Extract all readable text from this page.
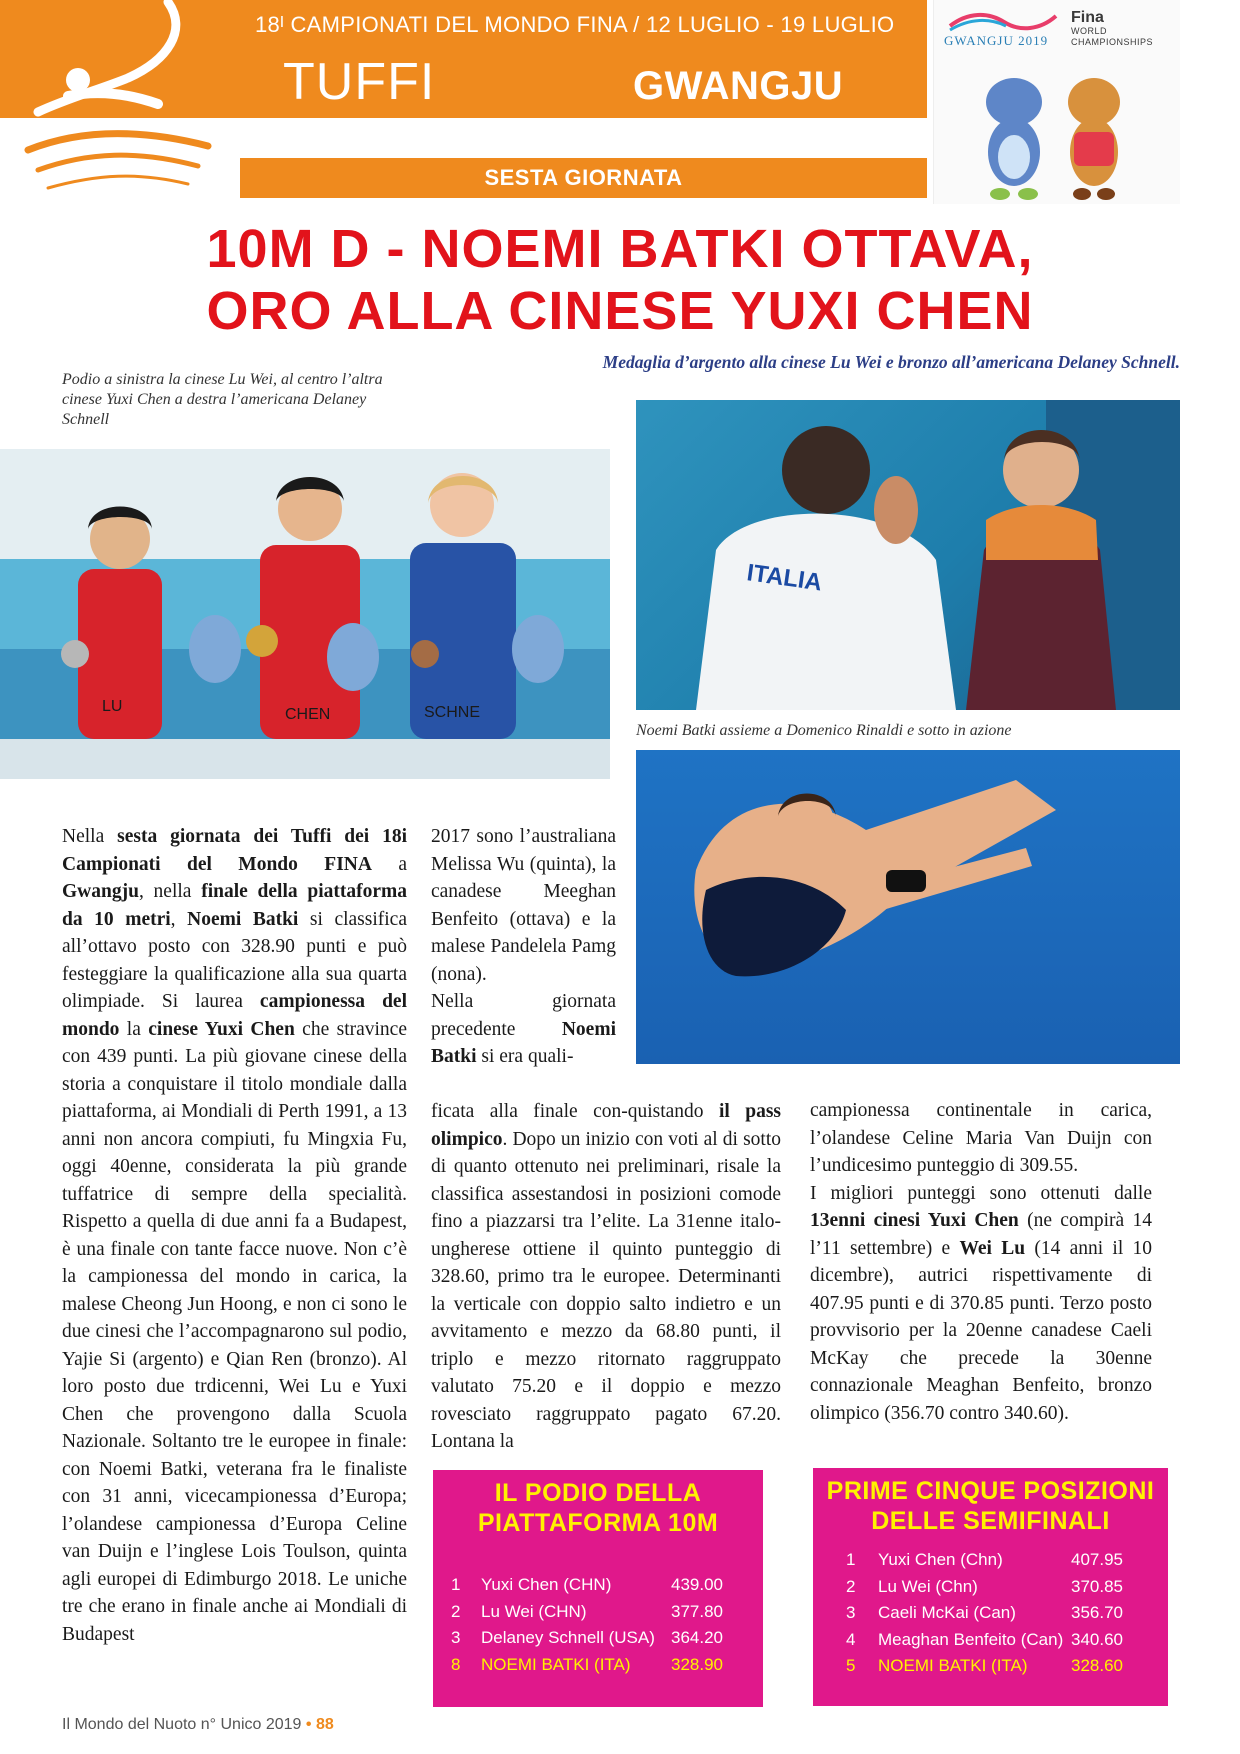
18ᴵ CAMPIONATI DEL MONDO FINA / 12 LUGLIO - 19 LUGLIO
TUFFI	GWANGJU
SESTA GIORNATA
GWANGJU 2019
Fina
WORLD
CHAMPIONSHIPS
10M D - NOEMI BATKI OTTAVA,
ORO ALLA CINESE YUXI CHEN
Podio a sinistra la cinese Lu Wei, al centro l’altra cinese Yuxi Chen a destra l’americana Delaney Schnell
Medaglia d’argento alla cinese Lu Wei e bronzo all’americana Delaney Schnell.
Noemi Batki assieme a Domenico Rinaldi e sotto in azione
LU	CHEN	SCHNE
ITALIA
Nella sesta giornata dei Tuffi dei 18i Campionati del Mondo FINA a Gwangju, nella finale della piattaforma da 10 metri, Noemi Batki si classifica all’ottavo posto con 328.90 punti e può festeggiare la qualificazione alla sua quarta olimpiade. Si laurea campionessa del mondo la cinese Yuxi Chen che stravince con 439 punti. La più giovane cinese della storia a conquistare il titolo mondiale dalla piattaforma, ai Mondiali di Perth 1991, a 13 anni non ancora compiuti, fu Mingxia Fu, oggi 40enne, considerata la più grande tuffatrice di sempre della specialità. Rispetto a quella di due anni fa a Budapest, è una finale con tante facce nuove. Non c’è la campionessa del mondo in carica, la malese Cheong Jun Hoong, e non ci sono le due cinesi che l’accompagnarono sul podio, Yajie Si (argento) e Qian Ren (bronzo). Al loro posto due trdicenni, Wei Lu e Yuxi Chen che provengono dalla Scuola Nazionale. Soltanto tre le europee in finale: con Noemi Batki, veterana fra le finaliste con 31 anni, vicecampionessa d’Europa; l’olandese campionessa d’Europa Celine van Duijn e l’inglese Lois Toulson, quinta agli europei di Edimburgo 2018. Le uniche tre che erano in finale anche ai Mondiali di Budapest
2017 sono l’australiana Melissa Wu (quinta), la canadese Meeghan Benfeito (ottava) e la malese Pandelela Pamg (nona).
Nella giornata precedente Noemi Batki si era quali-
ficata alla finale con-quistando il pass olimpico. Dopo un inizio con voti al di sotto di quanto ottenuto nei preliminari, risale la classifica assestandosi in posizioni comode fino a piazzarsi tra l’elite. La 31enne italo-ungherese ottiene il quinto punteggio di 328.60, primo tra le europee. Determinanti la verticale con doppio salto indietro e un avvitamento e mezzo da 68.80 punti, il triplo e mezzo ritornato raggruppato valutato 75.20 e il doppio e mezzo rovesciato raggruppato pagato 67.20. Lontana la
campionessa continentale in carica, l’olandese Celine Maria Van Duijn con l’undicesimo punteggio di 309.55.
I migliori punteggi sono ottenuti dalle 13enni cinesi Yuxi Chen (ne compirà 14 l’11 settembre) e Wei Lu (14 anni il 10 dicembre), autrici rispettivamente di 407.95 punti e di 370.85 punti. Terzo posto provvisorio per la 20enne canadese Caeli McKay che precede la 30enne connazionale Meaghan Benfeito, bronzo olimpico (356.70 contro 340.60).
IL PODIO DELLA
PIATTAFORMA 10M
1 Yuxi Chen (CHN)	439.00
2 Lu Wei (CHN)	377.80
3 Delaney Schnell (USA) 364.20
8 NOEMI BATKI (ITA) 328.90
PRIME CINQUE POSIZIONI
DELLE SEMIFINALI
1 Yuxi Chen (Chn)	407.95
2 Lu Wei (Chn)	370.85
3 Caeli McKai (Can)	356.70
4 Meaghan Benfeito (Can) 340.60
5 NOEMI BATKI (ITA)	328.60
Il Mondo del Nuoto n° Unico 2019 • 88
